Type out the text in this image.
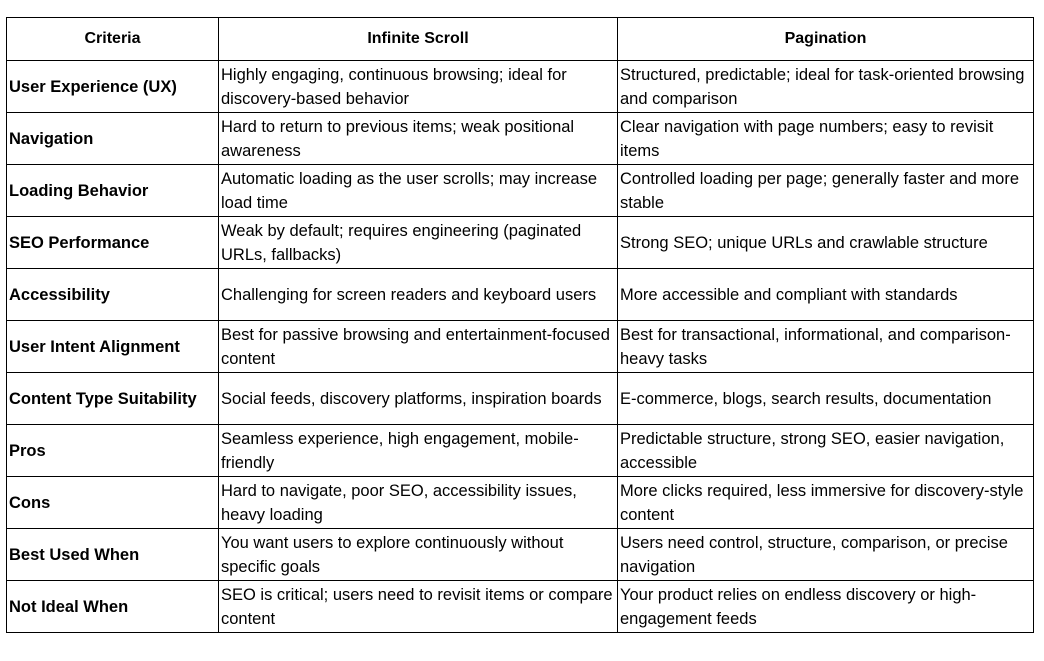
Criteria	Infinite Scroll	Pagination
User Experience (UX)	Highly engaging, continuous browsing; ideal for discovery-based behavior	Structured, predictable; ideal for task-oriented browsing and comparison
Navigation	Hard to return to previous items; weak positional awareness	Clear navigation with page numbers; easy to revisit items
Loading Behavior	Automatic loading as the user scrolls; may increase load time	Controlled loading per page; generally faster and more stable
SEO Performance	Weak by default; requires engineering (paginated URLs, fallbacks)	Strong SEO; unique URLs and crawlable structure
Accessibility	Challenging for screen readers and keyboard users	More accessible and compliant with standards
User Intent Alignment	Best for passive browsing and entertainment-focused content	Best for transactional, informational, and comparison-heavy tasks
Content Type Suitability	Social feeds, discovery platforms, inspiration boards	E-commerce, blogs, search results, documentation
Pros	Seamless experience, high engagement, mobile-friendly	Predictable structure, strong SEO, easier navigation, accessible
Cons	Hard to navigate, poor SEO, accessibility issues, heavy loading	More clicks required, less immersive for discovery-style content
Best Used When	You want users to explore continuously without specific goals	Users need control, structure, comparison, or precise navigation
Not Ideal When	SEO is critical; users need to revisit items or compare content	Your product relies on endless discovery or high-engagement feeds
